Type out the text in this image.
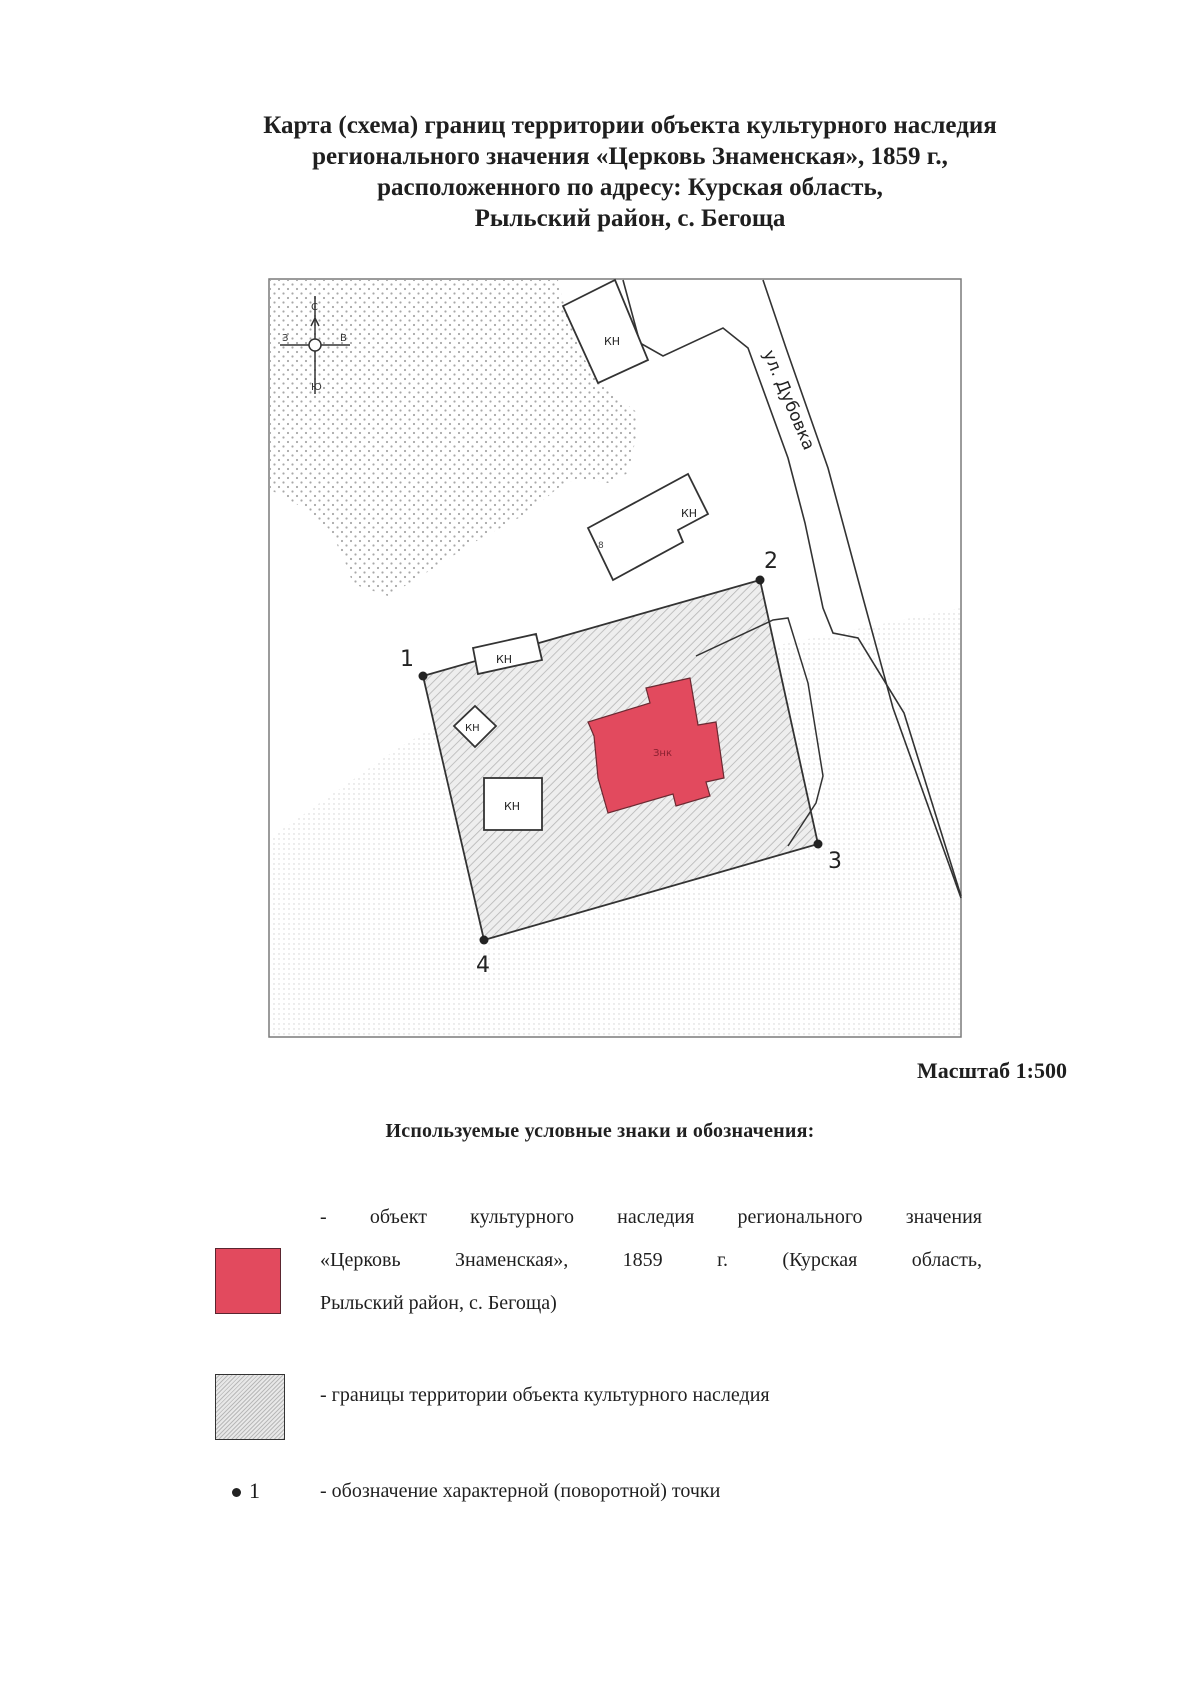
Карта (схема) границ территории объекта культурного наследия
регионального значения «Церковь Знаменская», 1859 г.,
расположенного по адресу: Курская область,
Рыльский район, с. Бегоща
С
Ю
З	В
ул. Дубовка
КН
КН
8
КН
КН
КН
Знк
1
2
3
4
Масштаб 1:500
Используемые условные знаки и обозначения:
- объект культурного наследия регионального значения
«Церковь Знаменская», 1859 г. (Курская область,
Рыльский район, с. Бегоща)
- границы территории объекта культурного наследия
1	- обозначение характерной (поворотной) точки
